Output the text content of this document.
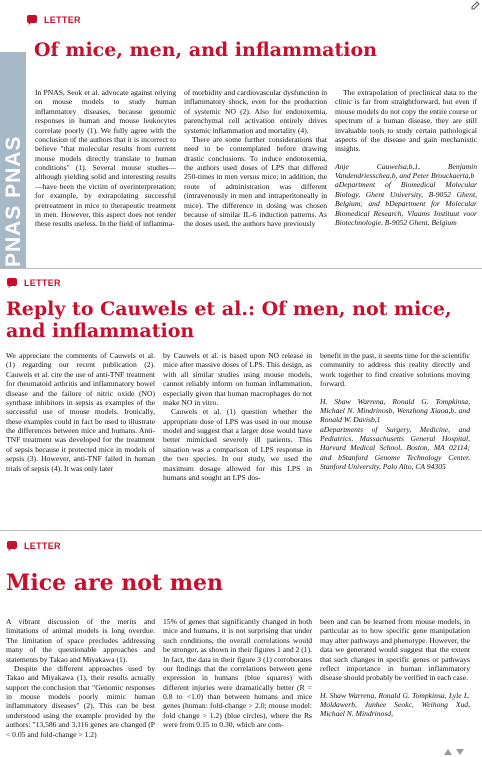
LETTER
Of mice, men, and inflammation
PNAS PNAS

In PNAS, Seok et al. advocate against relying on mouse models to study human inflammatory diseases, because genomic responses in human and mouse leukocytes correlate poorly (1). We fully agree with the conclusion of the authors that it is incorrect to believe "that molecular results from current mouse models directly translate to human conditions" (1). Several mouse studies—although yielding solid and interesting results—have been the victim of overinterpretation; for example, by extrapolating successful pretreatment in mice to therapeutic treatment in men. However, this aspect does not render these results useless. In the field of inflamma-

of morbidity and cardiovascular dysfunction in inflammatory shock, even for the production of systemic NO (2). Also for endotoxemia, parenchymal cell activation entirely drives systemic inflammation and mortality (4).

There are some further considerations that need to be contemplated before drawing drastic conclusions. To induce endotoxemia, the authors used doses of LPS that differed 250-times in men versus mice; in addition, the route of administration was different (intravenously in men and intraperitoneally in mice). The difference in dosing was chosen because of similar IL-6 induction patterns. As the doses used, the authors have previously

The extrapolation of preclinical data to the clinic is far from straightforward, but even if mouse models do not copy the entire course or spectrum of a human disease, they are still invaluable tools to study certain pathological aspects of the disease and gain mechanistic insights.

Anje Cauwelsa,b,1, Benjamin Vandendriesschea,b, and Peter Brouckaerta,b

aDepartment of Biomedical Molecular Biology, Ghent University, B-9052 Ghent, Belgium; and bDepartment for Molecular Biomedical Research, Vlaams Instituut voor Biotechnologie, B-9052 Ghent, Belgium

LETTER
Reply to Cauwels et al.: Of men, not mice, and inflammation

We appreciate the comments of Cauwels et al. (1) regarding our recent publication (2). Cauwels et al. cite the use of anti-TNF treatment for rheumatoid arthritis and inflammatory bowel disease and the failure of nitric oxide (NO) synthase inhibitors in sepsis as examples of the successful use of mouse models. Ironically, these examples could in fact be used to illustrate the differences between mice and humans. Anti-TNF treatment was developed for the treatment of sepsis because it protected mice in models of sepsis (3). However, anti-TNF failed in human trials of sepsis (4). It was only later

by Cauwels et al. is based upon NO release in mice after massive doses of LPS. This design, as with all similar studies using mouse models, cannot reliably inform on human inflammation, especially given that human macrophages do not make NO in vitro.

Cauwels et al. (1) question whether the appropriate dose of LPS was used in our mouse model and suggest that a larger dose would have better mimicked severely ill patients. This situation was a comparison of LPS response in the two species. In our study, we used the maximum dosage allowed for this LPS in humans and sought an LPS dos-

benefit in the past, it seems time for the scientific community to address this reality directly and work together to find creative solutions moving forward.

H. Shaw Warrena, Ronald G. Tompkinsa, Michael N. Mindrinosb, Wenzhong Xiaoa,b, and Ronald W. Davisb,1

aDepartments of Surgery, Medicine, and Pediatrics, Massachusetts General Hospital, Harvard Medical School, Boston, MA 02114; and bStanford Genome Technology Center, Stanford University, Palo Alto, CA 94305

LETTER
Mice are not men

A vibrant discussion of the merits and limitations of animal models is long overdue. The limitation of space precludes addressing many of the questionable approaches and statements by Takao and Miyakawa (1).

Despite the different approaches used by Takao and Miyakawa (1), their results actually support the conclusion that "Genomic responses in mouse models poorly mimic human inflammatory diseases" (2). This can be best understood using the example provided by the authors: "13,586 and 3,116 genes are changed (P < 0.05 and fold-change > 1.2)

15% of genes that significantly changed in both mice and humans, it is not surprising that under such conditions, the overall correlations would be stronger, as shown in their figures 1 and 2 (1). In fact, the data in their figure 3 (1) corroborates our findings that the correlations between gene expression in humans (blue squares) with different injuries were dramatically better (R = 0.8 to <1.0) than between humans and mice genes (human: fold-change > 2.0; mouse model: fold change > 1.2) (blue circles), where the Rs were from 0.15 to 0.30, which are com-

been and can be learned from mouse models, in particular as to how specific gene manipulation may alter pathways and phenotype. However, the data we generated would suggest that the extent that such changes in specific genes or pathways reflect importance in human inflammatory disease should probably be verified in each case.

H. Shaw Warrena, Ronald G. Tompkinsa, Lyle L. Moldawerb, Junhee Seokc, Weihong Xud, Michael N. Mindrinosd,
